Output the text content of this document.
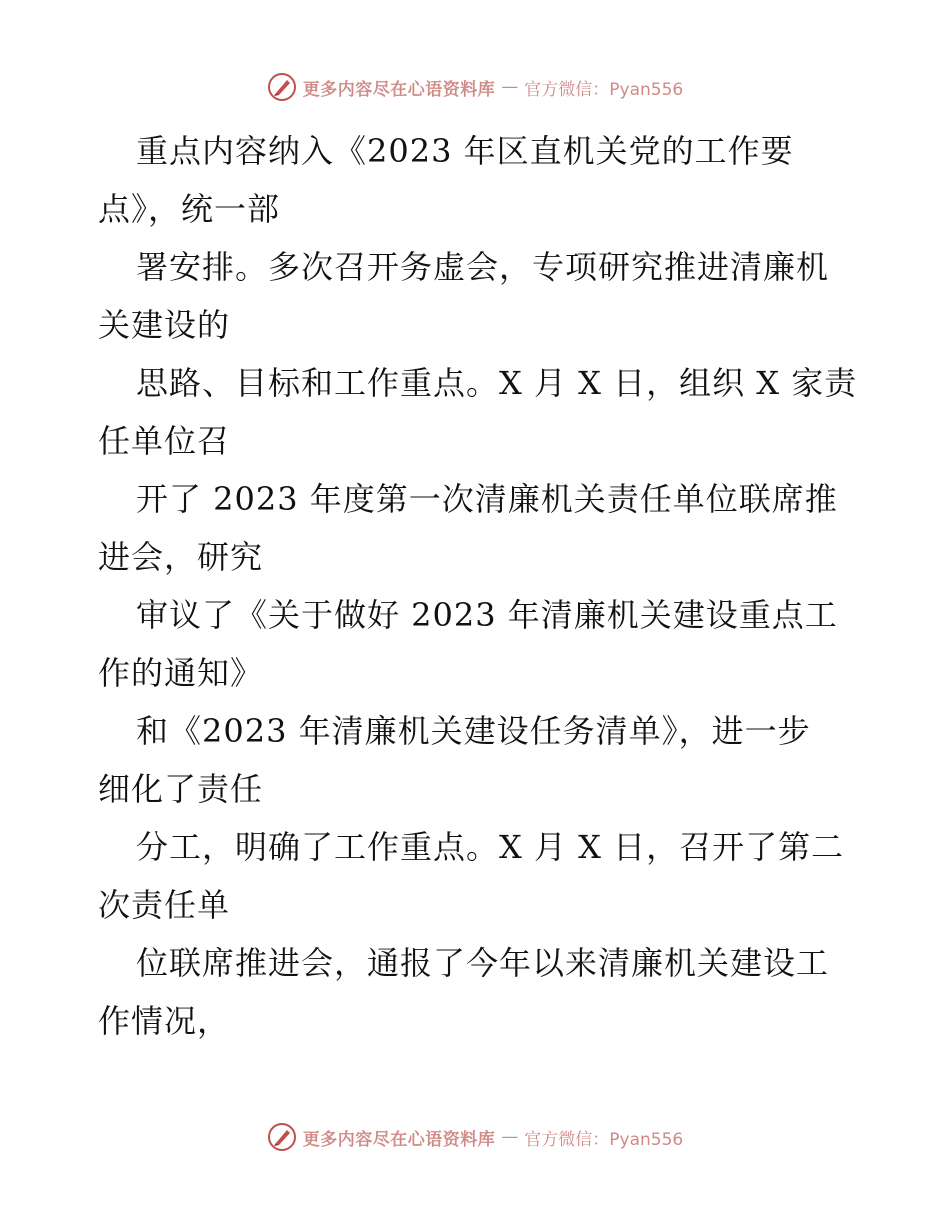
更多内容尽在心语资料库 — 官方微信：Pyan556
重点内容纳入《2023 年区直机关党的工作要
点》，统一部
署安排。多次召开务虚会，专项研究推进清廉机
关建设的
思路、目标和工作重点。X 月 X 日，组织 X 家责
任单位召
开了 2023 年度第一次清廉机关责任单位联席推
进会，研究
审议了《关于做好 2023 年清廉机关建设重点工
作的通知》
和《2023 年清廉机关建设任务清单》，进一步
细化了责任
分工，明确了工作重点。X 月 X 日，召开了第二
次责任单
位联席推进会，通报了今年以来清廉机关建设工
作情况，
更多内容尽在心语资料库 — 官方微信：Pyan556
